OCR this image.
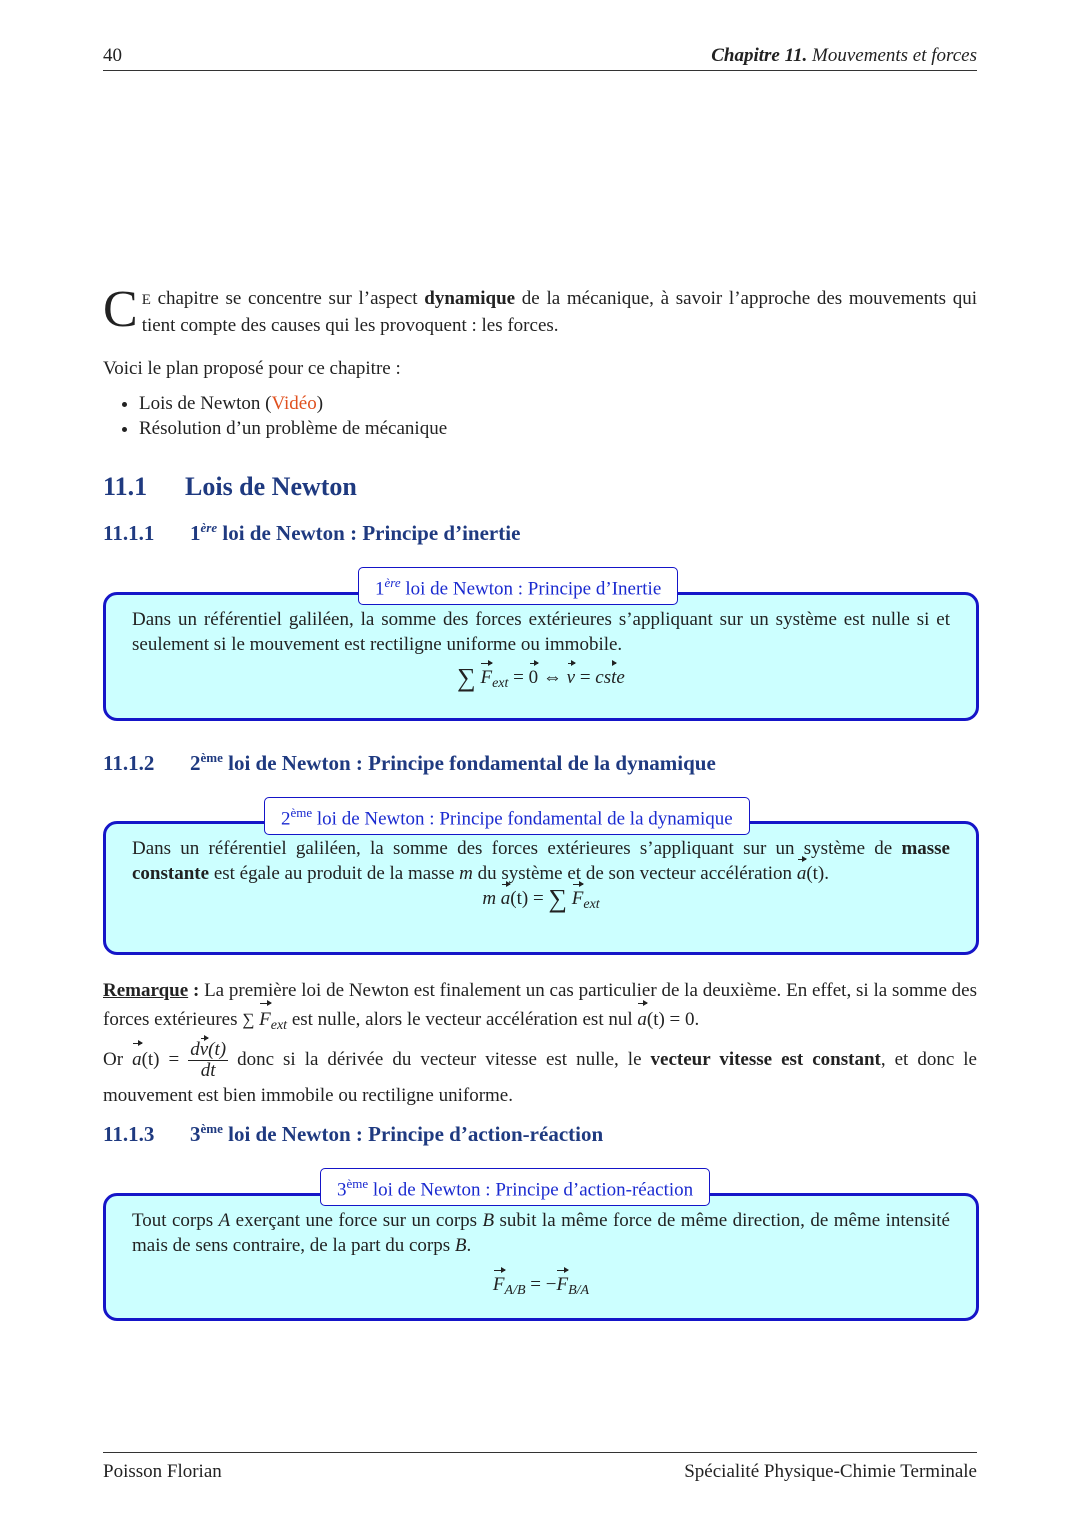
40	Chapitre 11. Mouvements et forces
C E chapitre se concentre sur l’aspect dynamique de la mécanique, à savoir l’approche des mouvements qui tient compte des causes qui les provoquent : les forces.
Voici le plan proposé pour ce chapitre :
• Lois de Newton (Vidéo)
• Résolution d’un problème de mécanique
11.1 Lois de Newton
11.1.1 1ère loi de Newton : Principe d’inertie
1ère loi de Newton : Principe d’Inertie
Dans un référentiel galiléen, la somme des forces extérieures s’appliquant sur un système est nulle si et seulement si le mouvement est rectiligne uniforme ou immobile.
∑ $F_{ext} = 0$ ⇔ v = cste
11.1.2 2ème loi de Newton : Principe fondamental de la dynamique
2ème loi de Newton : Principe fondamental de la dynamique
Dans un référentiel galiléen, la somme des forces extérieures s’appliquant sur un système de masse constante est égale au produit de la masse m du système et de son vecteur accélération a(t).
m a(t) = ∑ $F_{ext}$
Remarque : La première loi de Newton est finalement un cas particulier de la deuxième. En effet, si la somme des forces extérieures ∑ $F_{ext}$ est nulle, alors le vecteur accélération est nul a(t) = 0.
Or $a(t) = \frac{dv(t)}{dt}$ donc si la dérivée du vecteur vitesse est nulle, le vecteur vitesse est constant, et donc le mouvement est bien immobile ou rectiligne uniforme.
11.1.3 3ème loi de Newton : Principe d’action-réaction
3ème loi de Newton : Principe d’action-réaction
Tout corps A exerçant une force sur un corps B subit la même force de même direction, de même intensité mais de sens contraire, de la part du corps B.
$F_{A/B} = -F_{B/A}$
Poisson Florian	Spécialité Physique-Chimie Terminale
